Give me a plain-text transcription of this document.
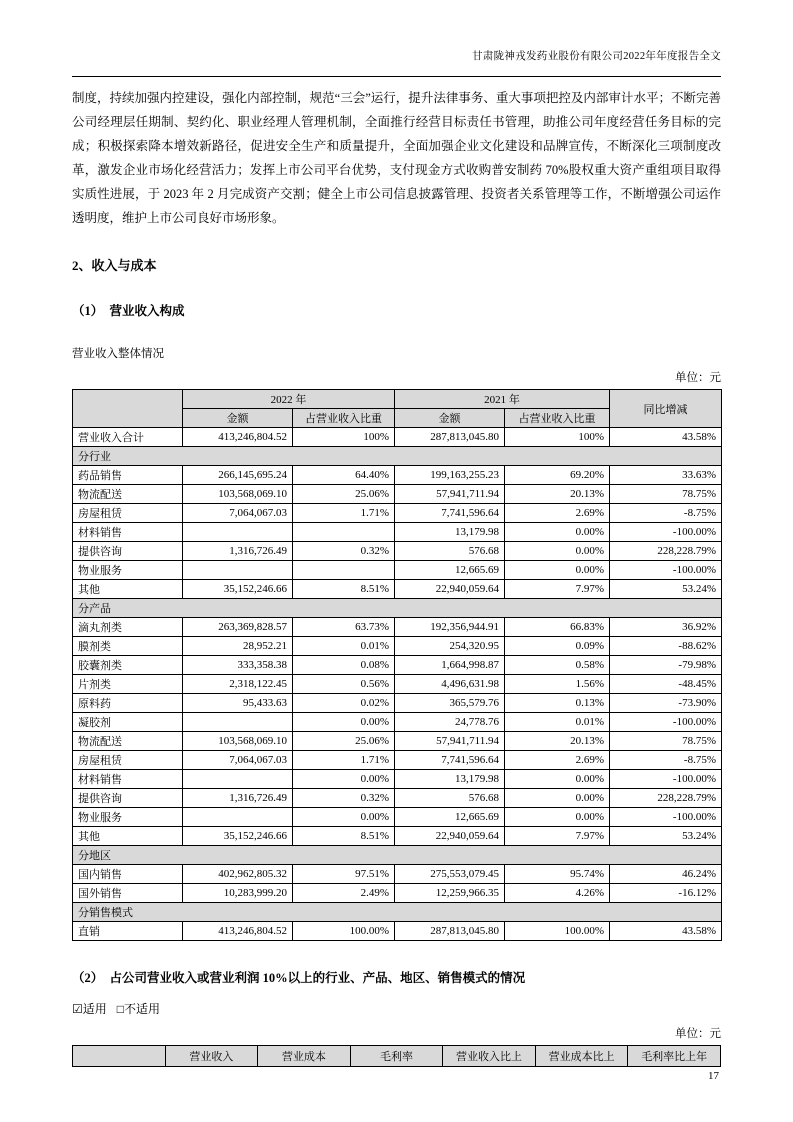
甘肃陇神戎发药业股份有限公司2022年年度报告全文
制度，持续加强内控建设，强化内部控制，规范“三会”运行，提升法律事务、重大事项把控及内部审计水平；不断完善公司经理层任期制、契约化、职业经理人管理机制，全面推行经营目标责任书管理，助推公司年度经营任务目标的完成；积极探索降本增效新路径，促进安全生产和质量提升，全面加强企业文化建设和品牌宣传，不断深化三项制度改革，激发企业市场化经营活力；发挥上市公司平台优势，支付现金方式收购普安制药 70%股权重大资产重组项目取得实质性进展，于 2023 年 2 月完成资产交割；健全上市公司信息披露管理、投资者关系管理等工作，不断增强公司运作透明度，维护上市公司良好市场形象。
2、收入与成本
（1）　营业收入构成
营业收入整体情况
单位：元
	2022 年		2021 年		同比增减
	金额	占营业收入比重	金额	占营业收入比重	
营业收入合计	413,246,804.52	100%	287,813,045.80	100%	43.58%
分行业					
药品销售	266,145,695.24	64.40%	199,163,255.23	69.20%	33.63%
物流配送	103,568,069.10	25.06%	57,941,711.94	20.13%	78.75%
房屋租赁	7,064,067.03	1.71%	7,741,596.64	2.69%	-8.75%
材料销售			13,179.98	0.00%	-100.00%
提供咨询	1,316,726.49	0.32%	576.68	0.00%	228,228.79%
物业服务			12,665.69	0.00%	-100.00%
其他	35,152,246.66	8.51%	22,940,059.64	7.97%	53.24%
分产品					
滴丸剂类	263,369,828.57	63.73%	192,356,944.91	66.83%	36.92%
膜剂类	28,952.21	0.01%	254,320.95	0.09%	-88.62%
胶囊剂类	333,358.38	0.08%	1,664,998.87	0.58%	-79.98%
片剂类	2,318,122.45	0.56%	4,496,631.98	1.56%	-48.45%
原料药	95,433.63	0.02%	365,579.76	0.13%	-73.90%
凝胶剂		0.00%	24,778.76	0.01%	-100.00%
物流配送	103,568,069.10	25.06%	57,941,711.94	20.13%	78.75%
房屋租赁	7,064,067.03	1.71%	7,741,596.64	2.69%	-8.75%
材料销售		0.00%	13,179.98	0.00%	-100.00%
提供咨询	1,316,726.49	0.32%	576.68	0.00%	228,228.79%
物业服务		0.00%	12,665.69	0.00%	-100.00%
其他	35,152,246.66	8.51%	22,940,059.64	7.97%	53.24%
分地区					
国内销售	402,962,805.32	97.51%	275,553,079.45	95.74%	46.24%
国外销售	10,283,999.20	2.49%	12,259,966.35	4.26%	-16.12%
分销售模式					
直销	413,246,804.52	100.00%	287,813,045.80	100.00%	43.58%
（2）　占公司营业收入或营业利润 10%以上的行业、产品、地区、销售模式的情况
☑适用 □不适用
单位：元
	营业收入	营业成本	毛利率	营业收入比上	营业成本比上	毛利率比上年
17
